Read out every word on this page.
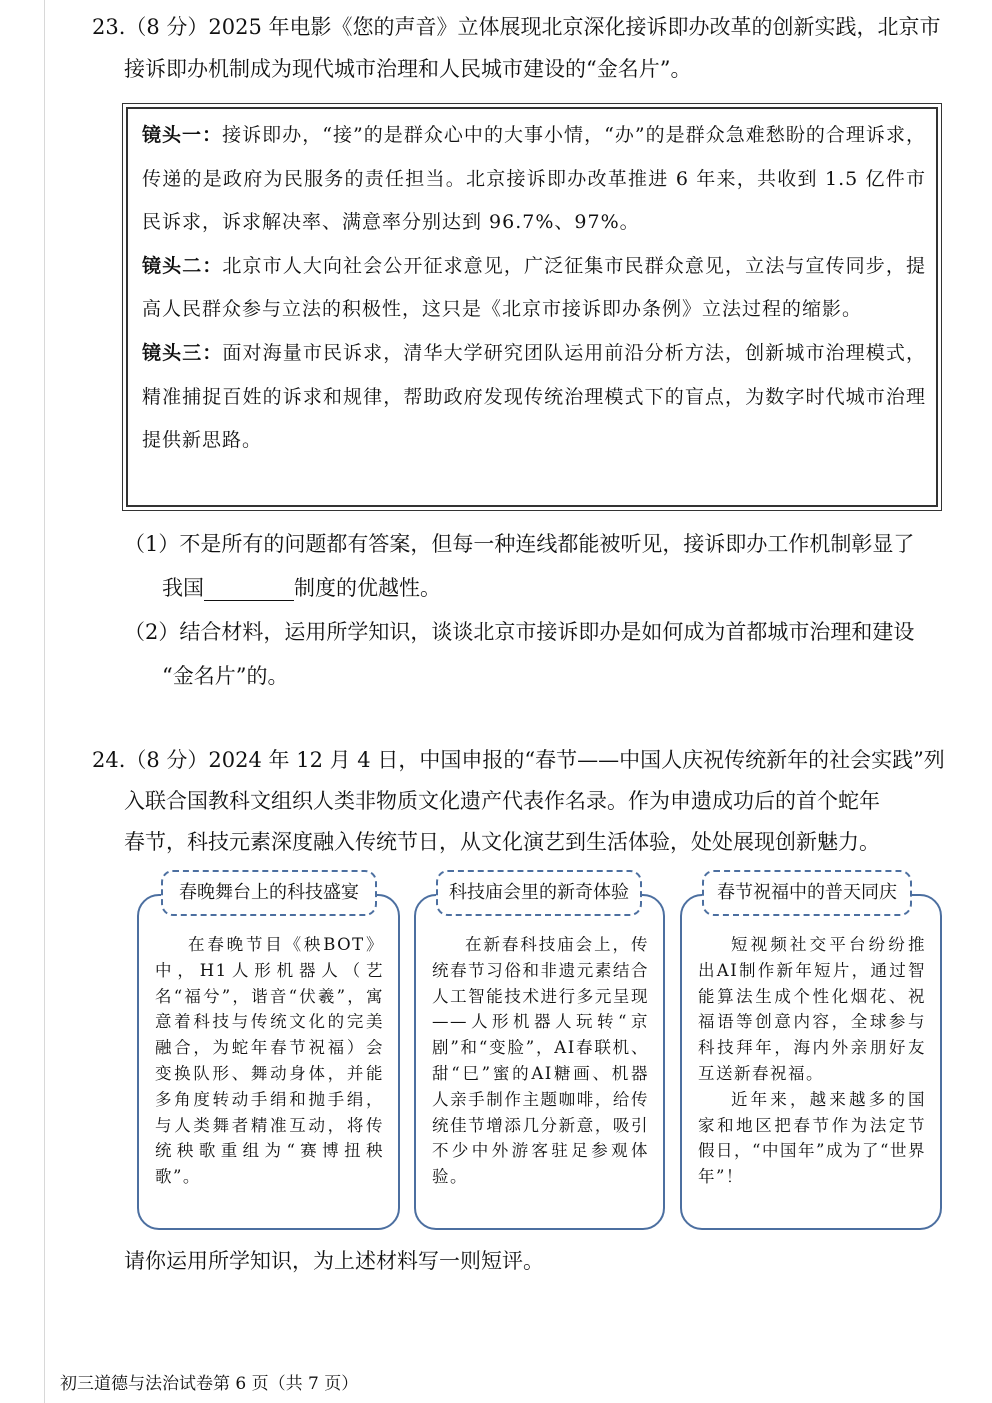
23.（8 分）2025 年电影《您的声音》立体展现北京深化接诉即办改革的创新实践，北京市
接诉即办机制成为现代城市治理和人民城市建设的“金名片”。
镜头一：接诉即办，“接”的是群众心中的大事小情，“办”的是群众急难愁盼的合理诉求，传递的是政府为民服务的责任担当。北京接诉即办改革推进 6 年来，共收到 1.5 亿件市民诉求，诉求解决率、满意率分别达到 96.7%、97%。
镜头二：北京市人大向社会公开征求意见，广泛征集市民群众意见，立法与宣传同步，提高人民群众参与立法的积极性，这只是《北京市接诉即办条例》立法过程的缩影。
镜头三：面对海量市民诉求，清华大学研究团队运用前沿分析方法，创新城市治理模式，精准捕捉百姓的诉求和规律，帮助政府发现传统治理模式下的盲点，为数字时代城市治理提供新思路。
（1）不是所有的问题都有答案，但每一种连线都能被听见，接诉即办工作机制彰显了
我国	制度的优越性。
（2）结合材料，运用所学知识，谈谈北京市接诉即办是如何成为首都城市治理和建设
“金名片”的。
24.（8 分）2024 年 12 月 4 日，中国申报的“春节——中国人庆祝传统新年的社会实践”列
入联合国教科文组织人类非物质文化遗产代表作名录。作为申遗成功后的首个蛇年
春节，科技元素深度融入传统节日，从文化演艺到生活体验，处处展现创新魅力。
春晚舞台上的科技盛宴

在春晚节目《秧BOT》中，H1人形机器人（艺名“福兮”，谐音“伏羲”，寓意着科技与传统文化的完美融合，为蛇年春节祝福）会变换队形、舞动身体，并能多角度转动手绢和抛手绢，与人类舞者精准互动，将传统秧歌重组为“赛博扭秧歌”。

科技庙会里的新奇体验

在新春科技庙会上，传统春节习俗和非遗元素结合人工智能技术进行多元呈现——人形机器人玩转“京剧”和“变脸”，AI春联机、甜“巳”蜜的AI糖画、机器人亲手制作主题咖啡，给传统佳节增添几分新意，吸引不少中外游客驻足参观体验。

春节祝福中的普天同庆

短视频社交平台纷纷推出AI制作新年短片，通过智能算法生成个性化烟花、祝福语等创意内容，全球参与科技拜年，海内外亲朋好友互送新春祝福。

近年来，越来越多的国家和地区把春节作为法定节假日，“中国年”成为了“世界年”！

请你运用所学知识，为上述材料写一则短评。
初三道德与法治试卷第 6 页（共 7 页）
